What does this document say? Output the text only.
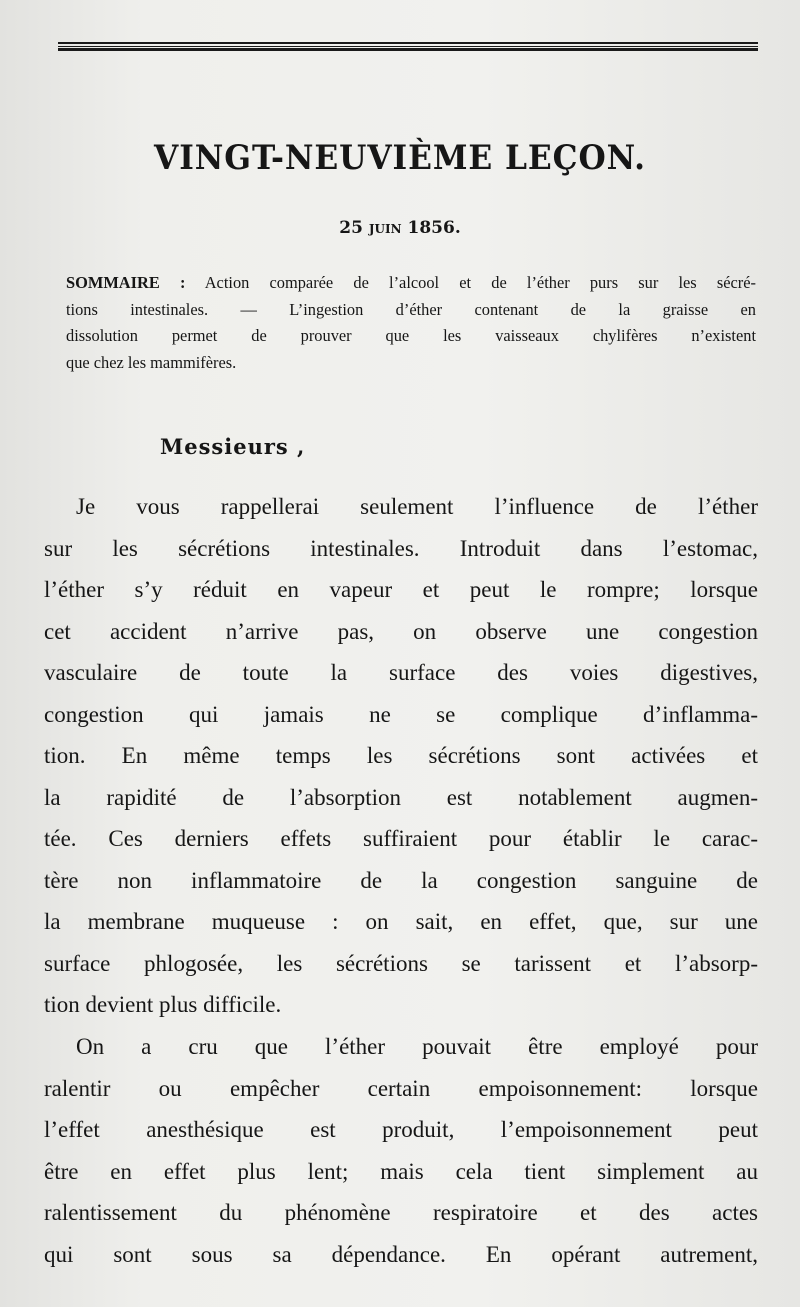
VINGT-NEUVIÈME LEÇON.
25 JUIN 1856.
SOMMAIRE : Action comparée de l’alcool et de l’éther purs sur les sécré-
tions intestinales. — L’ingestion d’éther contenant de la graisse en
dissolution permet de prouver que les vaisseaux chylifères n’existent
que chez les mammifères.
Messieurs ,
Je vous rappellerai seulement l’influence de l’éther
sur les sécrétions intestinales. Introduit dans l’estomac,
l’éther s’y réduit en vapeur et peut le rompre; lorsque
cet accident n’arrive pas, on observe une congestion
vasculaire de toute la surface des voies digestives,
congestion qui jamais ne se complique d’inflamma-
tion. En même temps les sécrétions sont activées et
la rapidité de l’absorption est notablement augmen-
tée. Ces derniers effets suffiraient pour établir le carac-
tère non inflammatoire de la congestion sanguine de
la membrane muqueuse : on sait, en effet, que, sur une
surface phlogosée, les sécrétions se tarissent et l’absorp-
tion devient plus difficile.
On a cru que l’éther pouvait être employé pour
ralentir ou empêcher certain empoisonnement: lorsque
l’effet anesthésique est produit, l’empoisonnement peut
être en effet plus lent; mais cela tient simplement au
ralentissement du phénomène respiratoire et des actes
qui sont sous sa dépendance. En opérant autrement,
